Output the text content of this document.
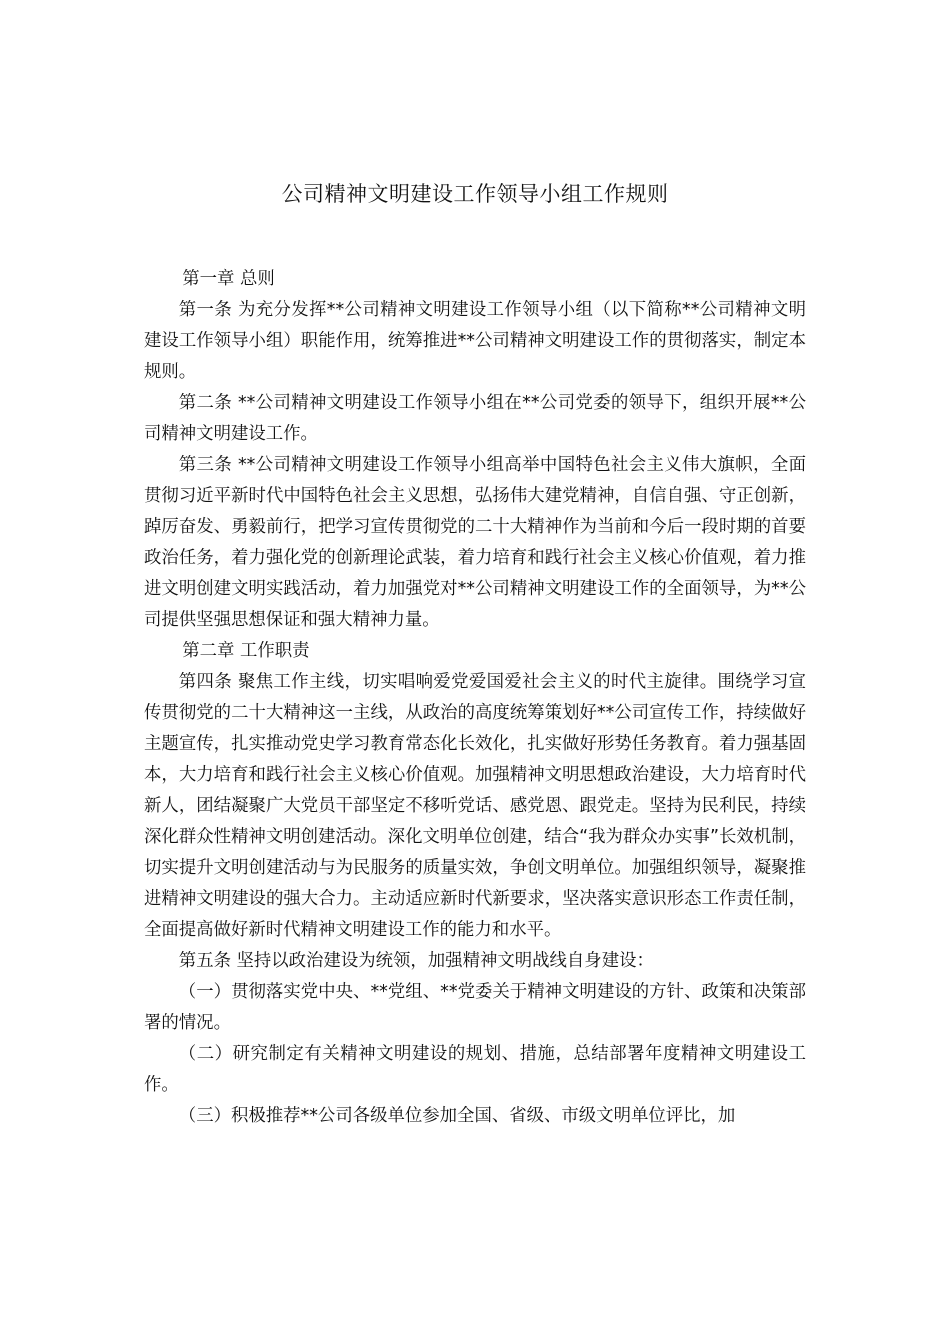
公司精神文明建设工作领导小组工作规则

第一章 总则

第一条 为充分发挥**公司精神文明建设工作领导小组（以下简称**公司精神文明建设工作领导小组）职能作用，统筹推进**公司精神文明建设工作的贯彻落实，制定本规则。

第二条 **公司精神文明建设工作领导小组在**公司党委的领导下，组织开展**公司精神文明建设工作。

第三条 **公司精神文明建设工作领导小组高举中国特色社会主义伟大旗帜，全面贯彻习近平新时代中国特色社会主义思想，弘扬伟大建党精神，自信自强、守正创新，踔厉奋发、勇毅前行，把学习宣传贯彻党的二十大精神作为当前和今后一段时期的首要政治任务，着力强化党的创新理论武装，着力培育和践行社会主义核心价值观，着力推进文明创建文明实践活动，着力加强党对**公司精神文明建设工作的全面领导，为**公司提供坚强思想保证和强大精神力量。

第二章 工作职责

第四条 聚焦工作主线，切实唱响爱党爱国爱社会主义的时代主旋律。围绕学习宣传贯彻党的二十大精神这一主线，从政治的高度统筹策划好**公司宣传工作，持续做好主题宣传，扎实推动党史学习教育常态化长效化，扎实做好形势任务教育。着力强基固本，大力培育和践行社会主义核心价值观。加强精神文明思想政治建设，大力培育时代新人，团结凝聚广大党员干部坚定不移听党话、感党恩、跟党走。坚持为民利民，持续深化群众性精神文明创建活动。深化文明单位创建，结合“我为群众办实事”长效机制，切实提升文明创建活动与为民服务的质量实效，争创文明单位。加强组织领导，凝聚推进精神文明建设的强大合力。主动适应新时代新要求，坚决落实意识形态工作责任制，全面提高做好新时代精神文明建设工作的能力和水平。

第五条 坚持以政治建设为统领，加强精神文明战线自身建设：

（一）贯彻落实党中央、**党组、**党委关于精神文明建设的方针、政策和决策部署的情况。

（二）研究制定有关精神文明建设的规划、措施，总结部署年度精神文明建设工作。

（三）积极推荐**公司各级单位参加全国、省级、市级文明单位评比，加
